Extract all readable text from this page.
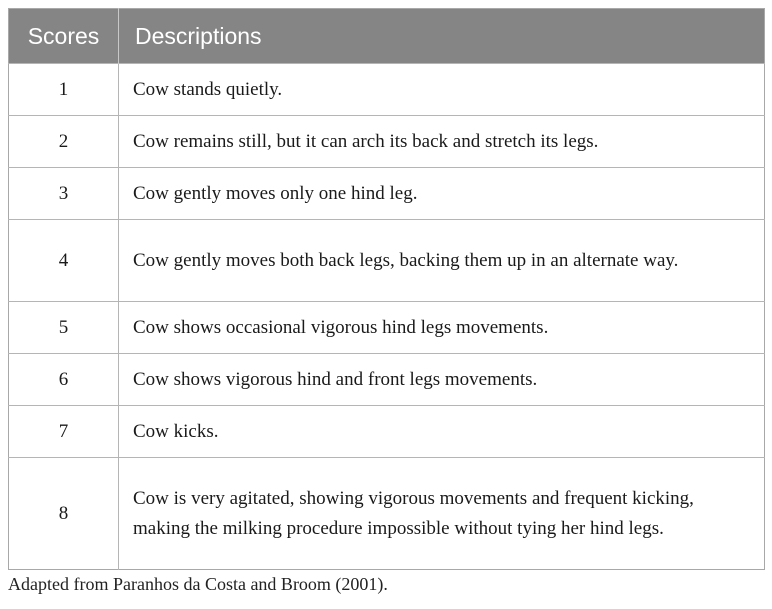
Scores	Descriptions
1	Cow stands quietly.
2	Cow remains still, but it can arch its back and stretch its legs.
3	Cow gently moves only one hind leg.
4	Cow gently moves both back legs, backing them up in an alternate way.
5	Cow shows occasional vigorous hind legs movements.
6	Cow shows vigorous hind and front legs movements.
7	Cow kicks.
8	Cow is very agitated, showing vigorous movements and frequent kicking, making the milking procedure impossible without tying her hind legs.
Adapted from Paranhos da Costa and Broom (2001).
